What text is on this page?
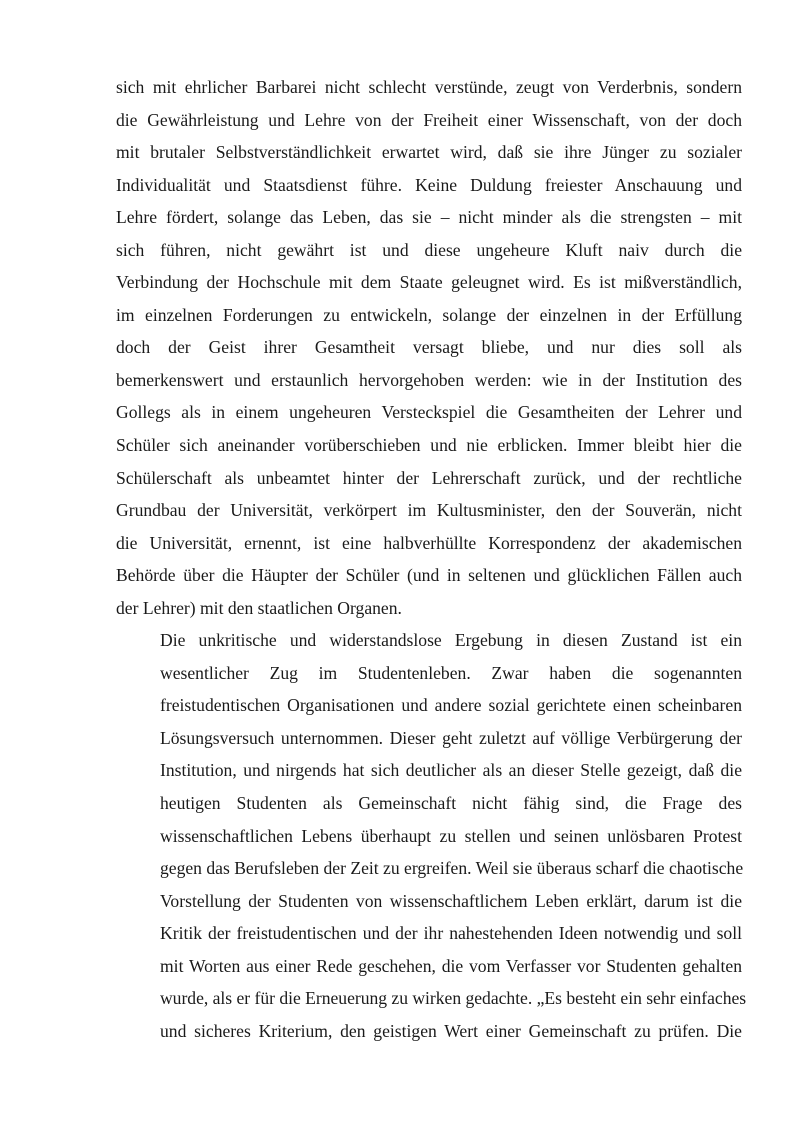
sich mit ehrlicher Barbarei nicht schlecht verstünde, zeugt von Verderbnis, sondern
die Gewährleistung und Lehre von der Freiheit einer Wissenschaft, von der doch
mit brutaler Selbstverständlichkeit erwartet wird, daß sie ihre Jünger zu sozialer
Individualität und Staatsdienst führe. Keine Duldung freiester Anschauung und
Lehre fördert, solange das Leben, das sie – nicht minder als die strengsten – mit
sich führen, nicht gewährt ist und diese ungeheure Kluft naiv durch die
Verbindung der Hochschule mit dem Staate geleugnet wird. Es ist mißverständlich,
im einzelnen Forderungen zu entwickeln, solange der einzelnen in der Erfüllung
doch der Geist ihrer Gesamtheit versagt bliebe, und nur dies soll als
bemerkenswert und erstaunlich hervorgehoben werden: wie in der Institution des
Gollegs als in einem ungeheuren Versteckspiel die Gesamtheiten der Lehrer und
Schüler sich aneinander vorüberschieben und nie erblicken. Immer bleibt hier die
Schülerschaft als unbeamtet hinter der Lehrerschaft zurück, und der rechtliche
Grundbau der Universität, verkörpert im Kultusminister, den der Souverän, nicht
die Universität, ernennt, ist eine halbverhüllte Korrespondenz der akademischen
Behörde über die Häupter der Schüler (und in seltenen und glücklichen Fällen auch
der Lehrer) mit den staatlichen Organen.
Die unkritische und widerstandslose Ergebung in diesen Zustand ist ein
wesentlicher Zug im Studentenleben. Zwar haben die sogenannten
freistudentischen Organisationen und andere sozial gerichtete einen scheinbaren
Lösungsversuch unternommen. Dieser geht zuletzt auf völlige Verbürgerung der
Institution, und nirgends hat sich deutlicher als an dieser Stelle gezeigt, daß die
heutigen Studenten als Gemeinschaft nicht fähig sind, die Frage des
wissenschaftlichen Lebens überhaupt zu stellen und seinen unlösbaren Protest
gegen das Berufsleben der Zeit zu ergreifen. Weil sie überaus scharf die chaotische
Vorstellung der Studenten von wissenschaftlichem Leben erklärt, darum ist die
Kritik der freistudentischen und der ihr nahestehenden Ideen notwendig und soll
mit Worten aus einer Rede geschehen, die vom Verfasser vor Studenten gehalten
wurde, als er für die Erneuerung zu wirken gedachte. „Es besteht ein sehr einfaches
und sicheres Kriterium, den geistigen Wert einer Gemeinschaft zu prüfen. Die
